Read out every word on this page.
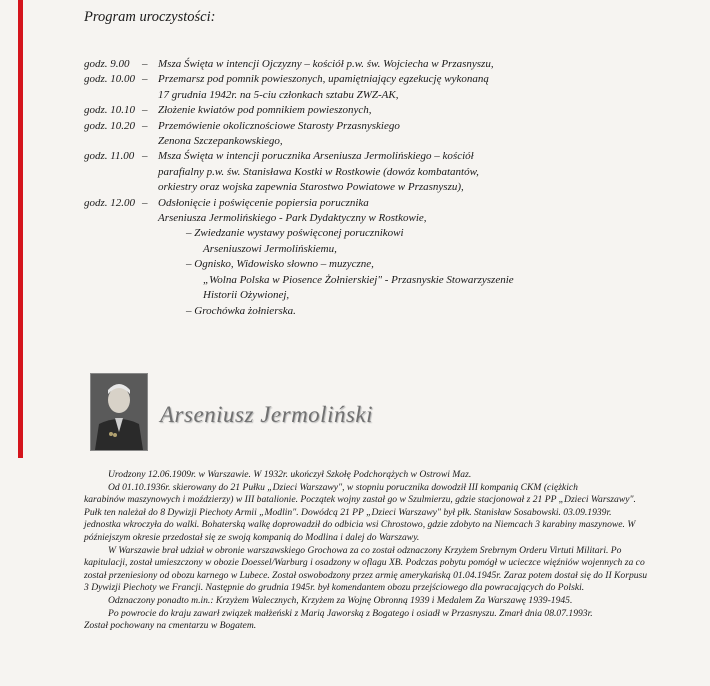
Program uroczystości:
godz. 9.00	– Msza Święta w intencji Ojczyzny – kościół p.w. św. Wojciecha w Przasnyszu,
godz. 10.00 – Przemarsz pod pomnik powieszonych, upamiętniający egzekucję wykonaną
17 grudnia 1942r. na 5-ciu członkach sztabu ZWZ-AK,
godz. 10.10 – Złożenie kwiatów pod pomnikiem powieszonych,
godz. 10.20 – Przemówienie okolicznościowe Starosty Przasnyskiego
Zenona Szczepankowskiego,
godz. 11.00 – Msza Święta w intencji porucznika Arseniusza Jermolińskiego – kościół
parafialny p.w. św. Stanisława Kostki w Rostkowie (dowóz kombatantów,
orkiestry oraz wojska zapewnia Starostwo Powiatowe w Przasnyszu),
godz. 12.00 – Odsłonięcie i poświęcenie popiersia porucznika
Arseniusza Jermolińskiego - Park Dydaktyczny w Rostkowie,
– Zwiedzanie wystawy poświęconej porucznikowi
Arseniuszowi Jermolińskiemu,
– Ognisko, Widowisko słowno – muzyczne,
„Wolna Polska w Piosence Żołnierskiej" - Przasnyskie Stowarzyszenie
Historii Ożywionej,
– Grochówka żołnierska.
Arseniusz Jermoliński
Urodzony 12.06.1909r. w Warszawie. W 1932r. ukończył Szkołę Podchorążych w Ostrowi Maz.
Od 01.10.1936r. skierowany do 21 Pułku „Dzieci Warszawy", w stopniu porucznika dowodził III kompanią CKM (ciężkich
karabinów maszynowych i moździerzy) w III batalionie. Początek wojny zastał go w Szulmierzu, gdzie stacjonował z 21 PP „Dzieci Warszawy".
Pułk ten należał do 8 Dywizji Piechoty Armii „Modlin". Dowódcą 21 PP „Dzieci Warszawy" był płk. Stanisław Sosabowski. 03.09.1939r.
jednostka wkroczyła do walki. Bohaterską walkę doprowadził do odbicia wsi Chrostowo, gdzie zdobyto na Niemcach 3 karabiny maszynowe. W
późniejszym okresie przedostał się ze swoją kompanią do Modlina i dalej do Warszawy.
W Warszawie brał udział w obronie warszawskiego Grochowa za co został odznaczony Krzyżem Srebrnym Orderu Virtuti Militari. Po
kapitulacji, został umieszczony w obozie Doessel/Warburg i osadzony w oflagu XB. Podczas pobytu pomógł w ucieczce więźniów wojennych za co
został przeniesiony od obozu karnego w Lubece. Został oswobodzony przez armię amerykańską 01.04.1945r. Zaraz potem dostał się do II Korpusu
3 Dywizji Piechoty we Francji. Następnie do grudnia 1945r. był komendantem obozu przejściowego dla powracających do Polski.
Odznaczony ponadto m.in.: Krzyżem Walecznych, Krzyżem za Wojnę Obronną 1939 i Medalem Za Warszawę 1939-1945.
Po powrocie do kraju zawarł związek małżeński z Marią Jaworską z Bogatego i osiadł w Przasnyszu. Zmarł dnia 08.07.1993r.
Został pochowany na cmentarzu w Bogatem.
